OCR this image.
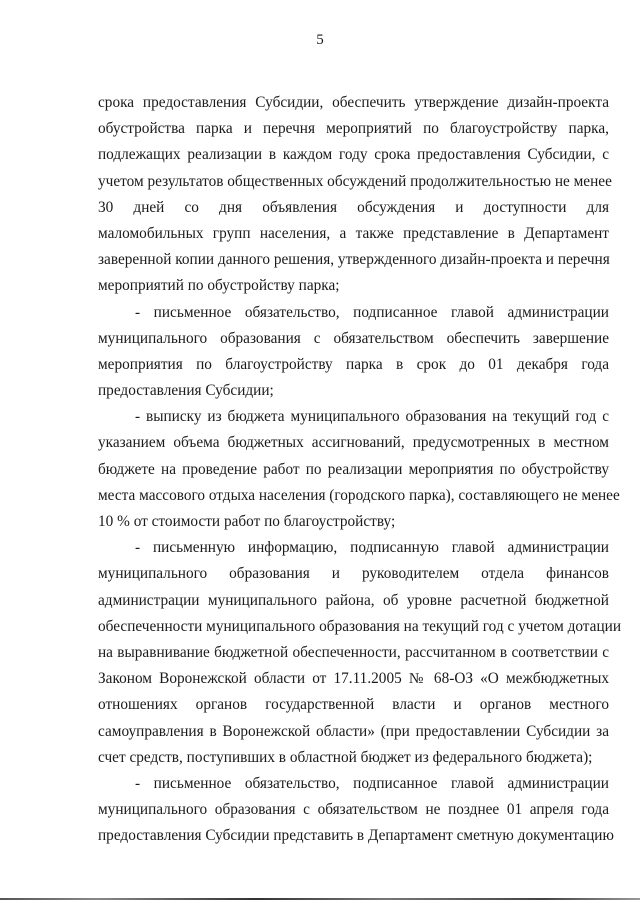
5
срока предоставления Субсидии, обеспечить утверждение дизайн-проекта
обустройства парка и перечня мероприятий по благоустройству парка,
подлежащих реализации в каждом году срока предоставления Субсидии, с
учетом результатов общественных обсуждений продолжительностью не менее
30 дней со дня объявления обсуждения и доступности для
маломобильных групп населения, а также представление в Департамент
заверенной копии данного решения, утвержденного дизайн-проекта и перечня
мероприятий по обустройству парка;
- письменное обязательство, подписанное главой администрации
муниципального образования с обязательством обеспечить завершение
мероприятия по благоустройству парка в срок до 01 декабря года
предоставления Субсидии;
- выписку из бюджета муниципального образования на текущий год с
указанием объема бюджетных ассигнований, предусмотренных в местном
бюджете на проведение работ по реализации мероприятия по обустройству
места массового отдыха населения (городского парка), составляющего не менее
10 % от стоимости работ по благоустройству;
- письменную информацию, подписанную главой администрации
муниципального образования и руководителем отдела финансов
администрации муниципального района, об уровне расчетной бюджетной
обеспеченности муниципального образования на текущий год с учетом дотации
на выравнивание бюджетной обеспеченности, рассчитанном в соответствии с
Законом Воронежской области от 17.11.2005 № 68-ОЗ «О межбюджетных
отношениях органов государственной власти и органов местного
самоуправления в Воронежской области» (при предоставлении Субсидии за
счет средств, поступивших в областной бюджет из федерального бюджета);
- письменное обязательство, подписанное главой администрации
муниципального образования с обязательством не позднее 01 апреля года
предоставления Субсидии представить в Департамент сметную документацию
